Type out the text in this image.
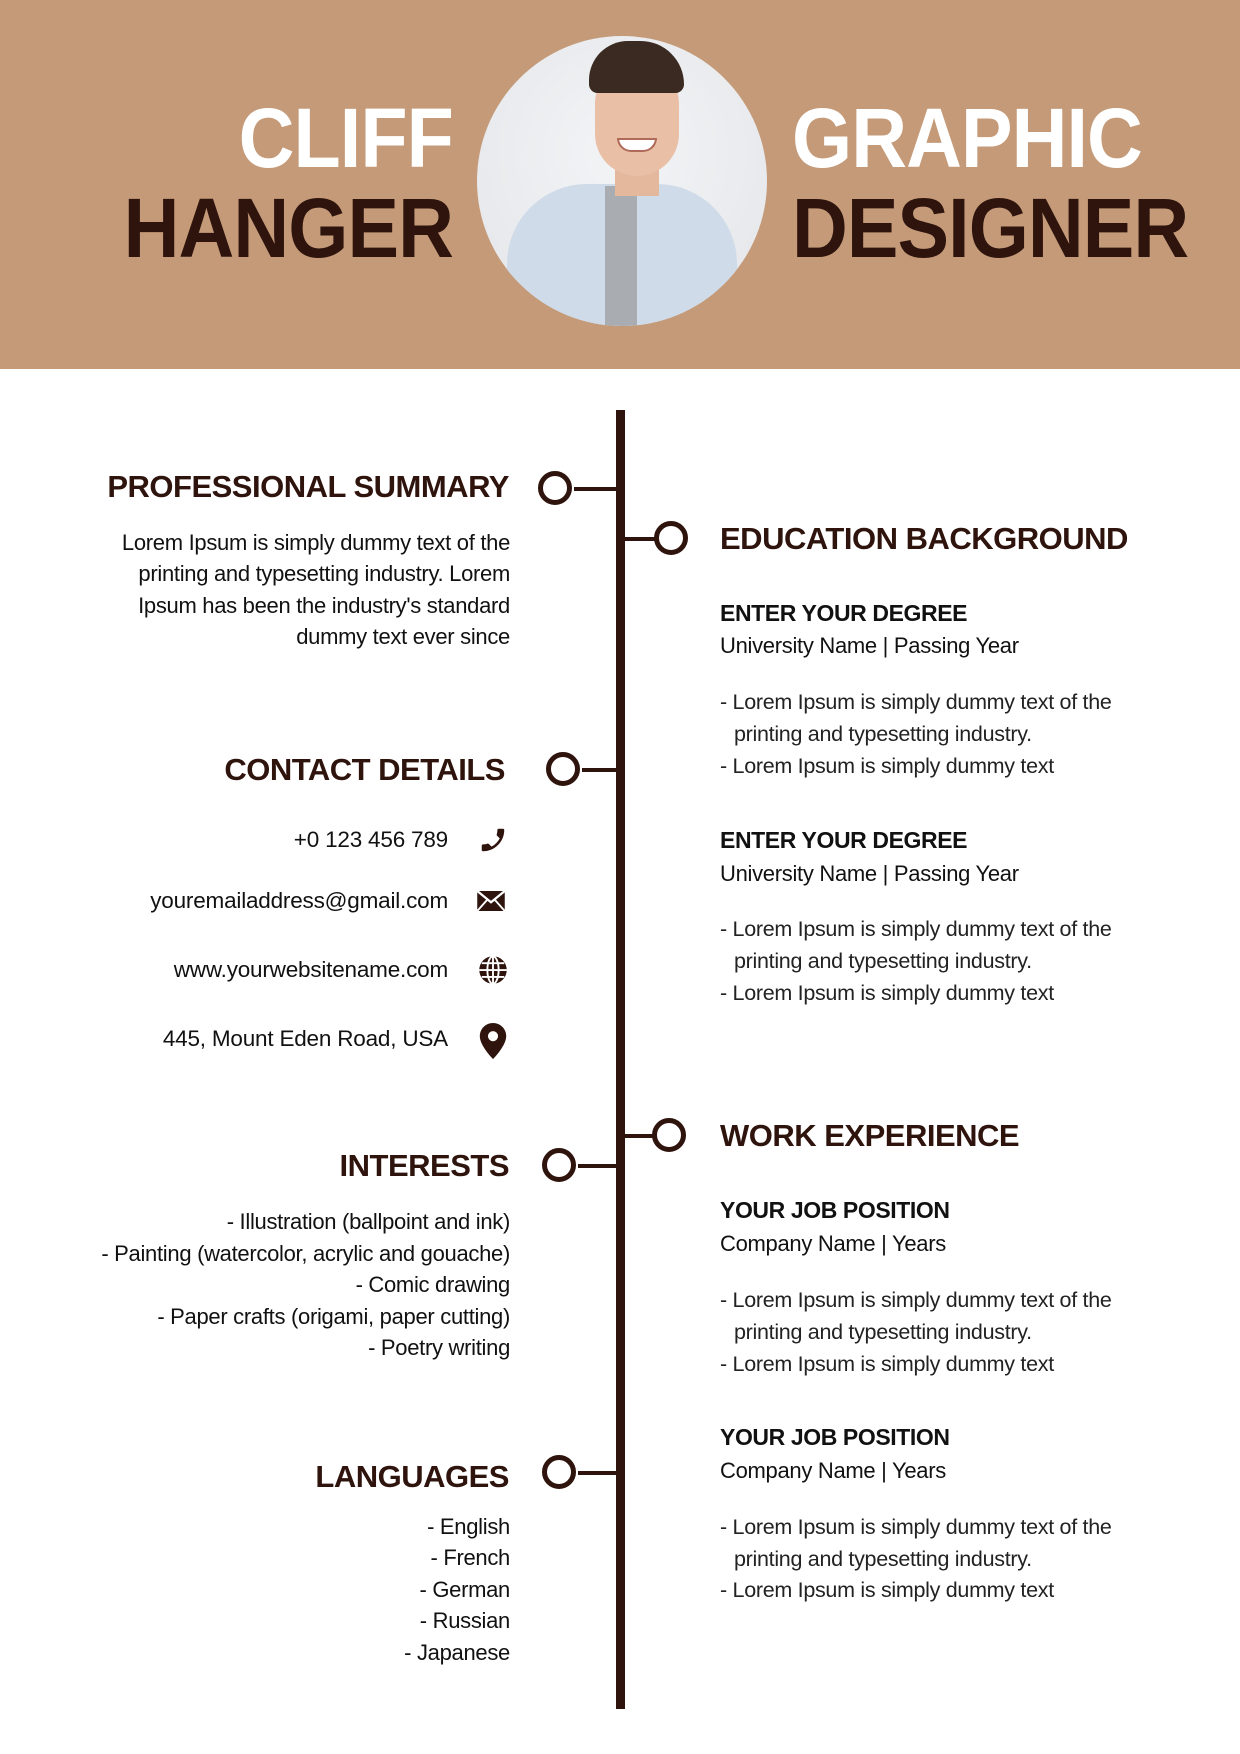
CLIFF
HANGER
GRAPHIC
DESIGNER
PROFESSIONAL SUMMARY
Lorem Ipsum is simply dummy text of the
printing and typesetting industry. Lorem
Ipsum has been the industry's standard
dummy text ever since
CONTACT DETAILS
+0 123 456 789
youremailaddress@gmail.com
www.yourwebsitename.com
445, Mount Eden Road, USA
INTERESTS
- Illustration (ballpoint and ink)
- Painting (watercolor, acrylic and gouache)
- Comic drawing
- Paper crafts (origami, paper cutting)
- Poetry writing
LANGUAGES
- English
- French
- German
- Russian
- Japanese
EDUCATION BACKGROUND
ENTER YOUR DEGREE
University Name | Passing Year
- Lorem Ipsum is simply dummy text of the
printing and typesetting industry.
- Lorem Ipsum is simply dummy text
ENTER YOUR DEGREE
University Name | Passing Year
- Lorem Ipsum is simply dummy text of the
printing and typesetting industry.
- Lorem Ipsum is simply dummy text
WORK EXPERIENCE
YOUR JOB POSITION
Company Name | Years
- Lorem Ipsum is simply dummy text of the
printing and typesetting industry.
- Lorem Ipsum is simply dummy text
YOUR JOB POSITION
Company Name | Years
- Lorem Ipsum is simply dummy text of the
printing and typesetting industry.
- Lorem Ipsum is simply dummy text
